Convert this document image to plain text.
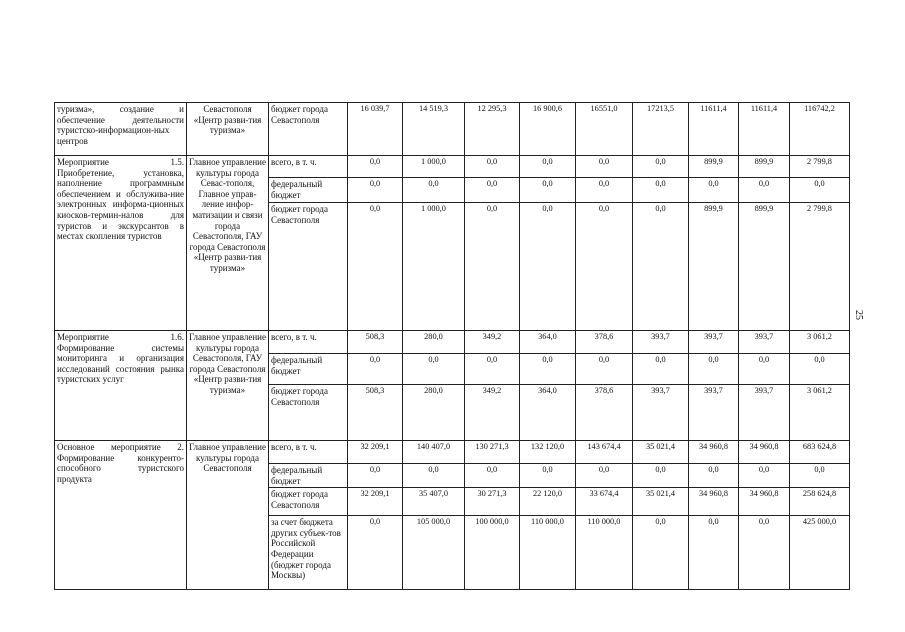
25
туризма», создание и обеспечение деятельности туристско-информацион-ных центров	Севастополя «Центр разви-тия туризма»	бюджет города Севастополя	16 039,7	14 519,3	12 295,3	16 900,6	16551,0	17213,5	11611,4	11611,4	116742,2
Мероприятие 1.5. Приобретение, установка, наполнение программным обеспечением и обслужива-ние электронных информа-ционных киосков-термин-налов для туристов и экскурсантов в местах скопления туристов	Главное управление культуры города Севас-тополя, Главное управ-ление инфор-матизации и связи города Севастополя, ГАУ города Севастополя «Центр разви-тия туризма»	всего, в т. ч.	0,0	1 000,0	0,0	0,0	0,0	0,0	899,9	899,9	2 799,8
		федеральный бюджет	0,0	0,0	0,0	0,0	0,0	0,0	0,0	0,0	0,0
		бюджет города Севастополя	0,0	1 000,0	0,0	0,0	0,0	0,0	899,9	899,9	2 799,8
Мероприятие 1.6. Формирование системы мониторинга и организация исследований состояния рынка туристских услуг	Главное управление культуры города Севастополя, ГАУ города Севастополя «Центр разви-тия туризма»	всего, в т. ч.	508,3	280,0	349,2	364,0	378,6	393,7	393,7	393,7	3 061,2
		федеральный бюджет	0,0	0,0	0,0	0,0	0,0	0,0	0,0	0,0	0,0
		бюджет города Севастополя	508,3	280,0	349,2	364,0	378,6	393,7	393,7	393,7	3 061,2
Основное мероприятие 2. Формирование конкуренто-способного туристского продукта	Главное управление культуры города Севастополя	всего, в т. ч.	32 209,1	140 407,0	130 271,3	132 120,0	143 674,4	35 021,4	34 960,8	34 960,8	683 624,8
		федеральный бюджет	0,0	0,0	0,0	0,0	0,0	0,0	0,0	0,0	0,0
		бюджет города Севастополя	32 209,1	35 407,0	30 271,3	22 120,0	33 674,4	35 021,4	34 960,8	34 960,8	258 624,8
		за счет бюджета других субъек-тов Российской Федерации (бюджет города Москвы)	0,0	105 000,0	100 000,0	110 000,0	110 000,0	0,0	0,0	0,0	425 000,0
